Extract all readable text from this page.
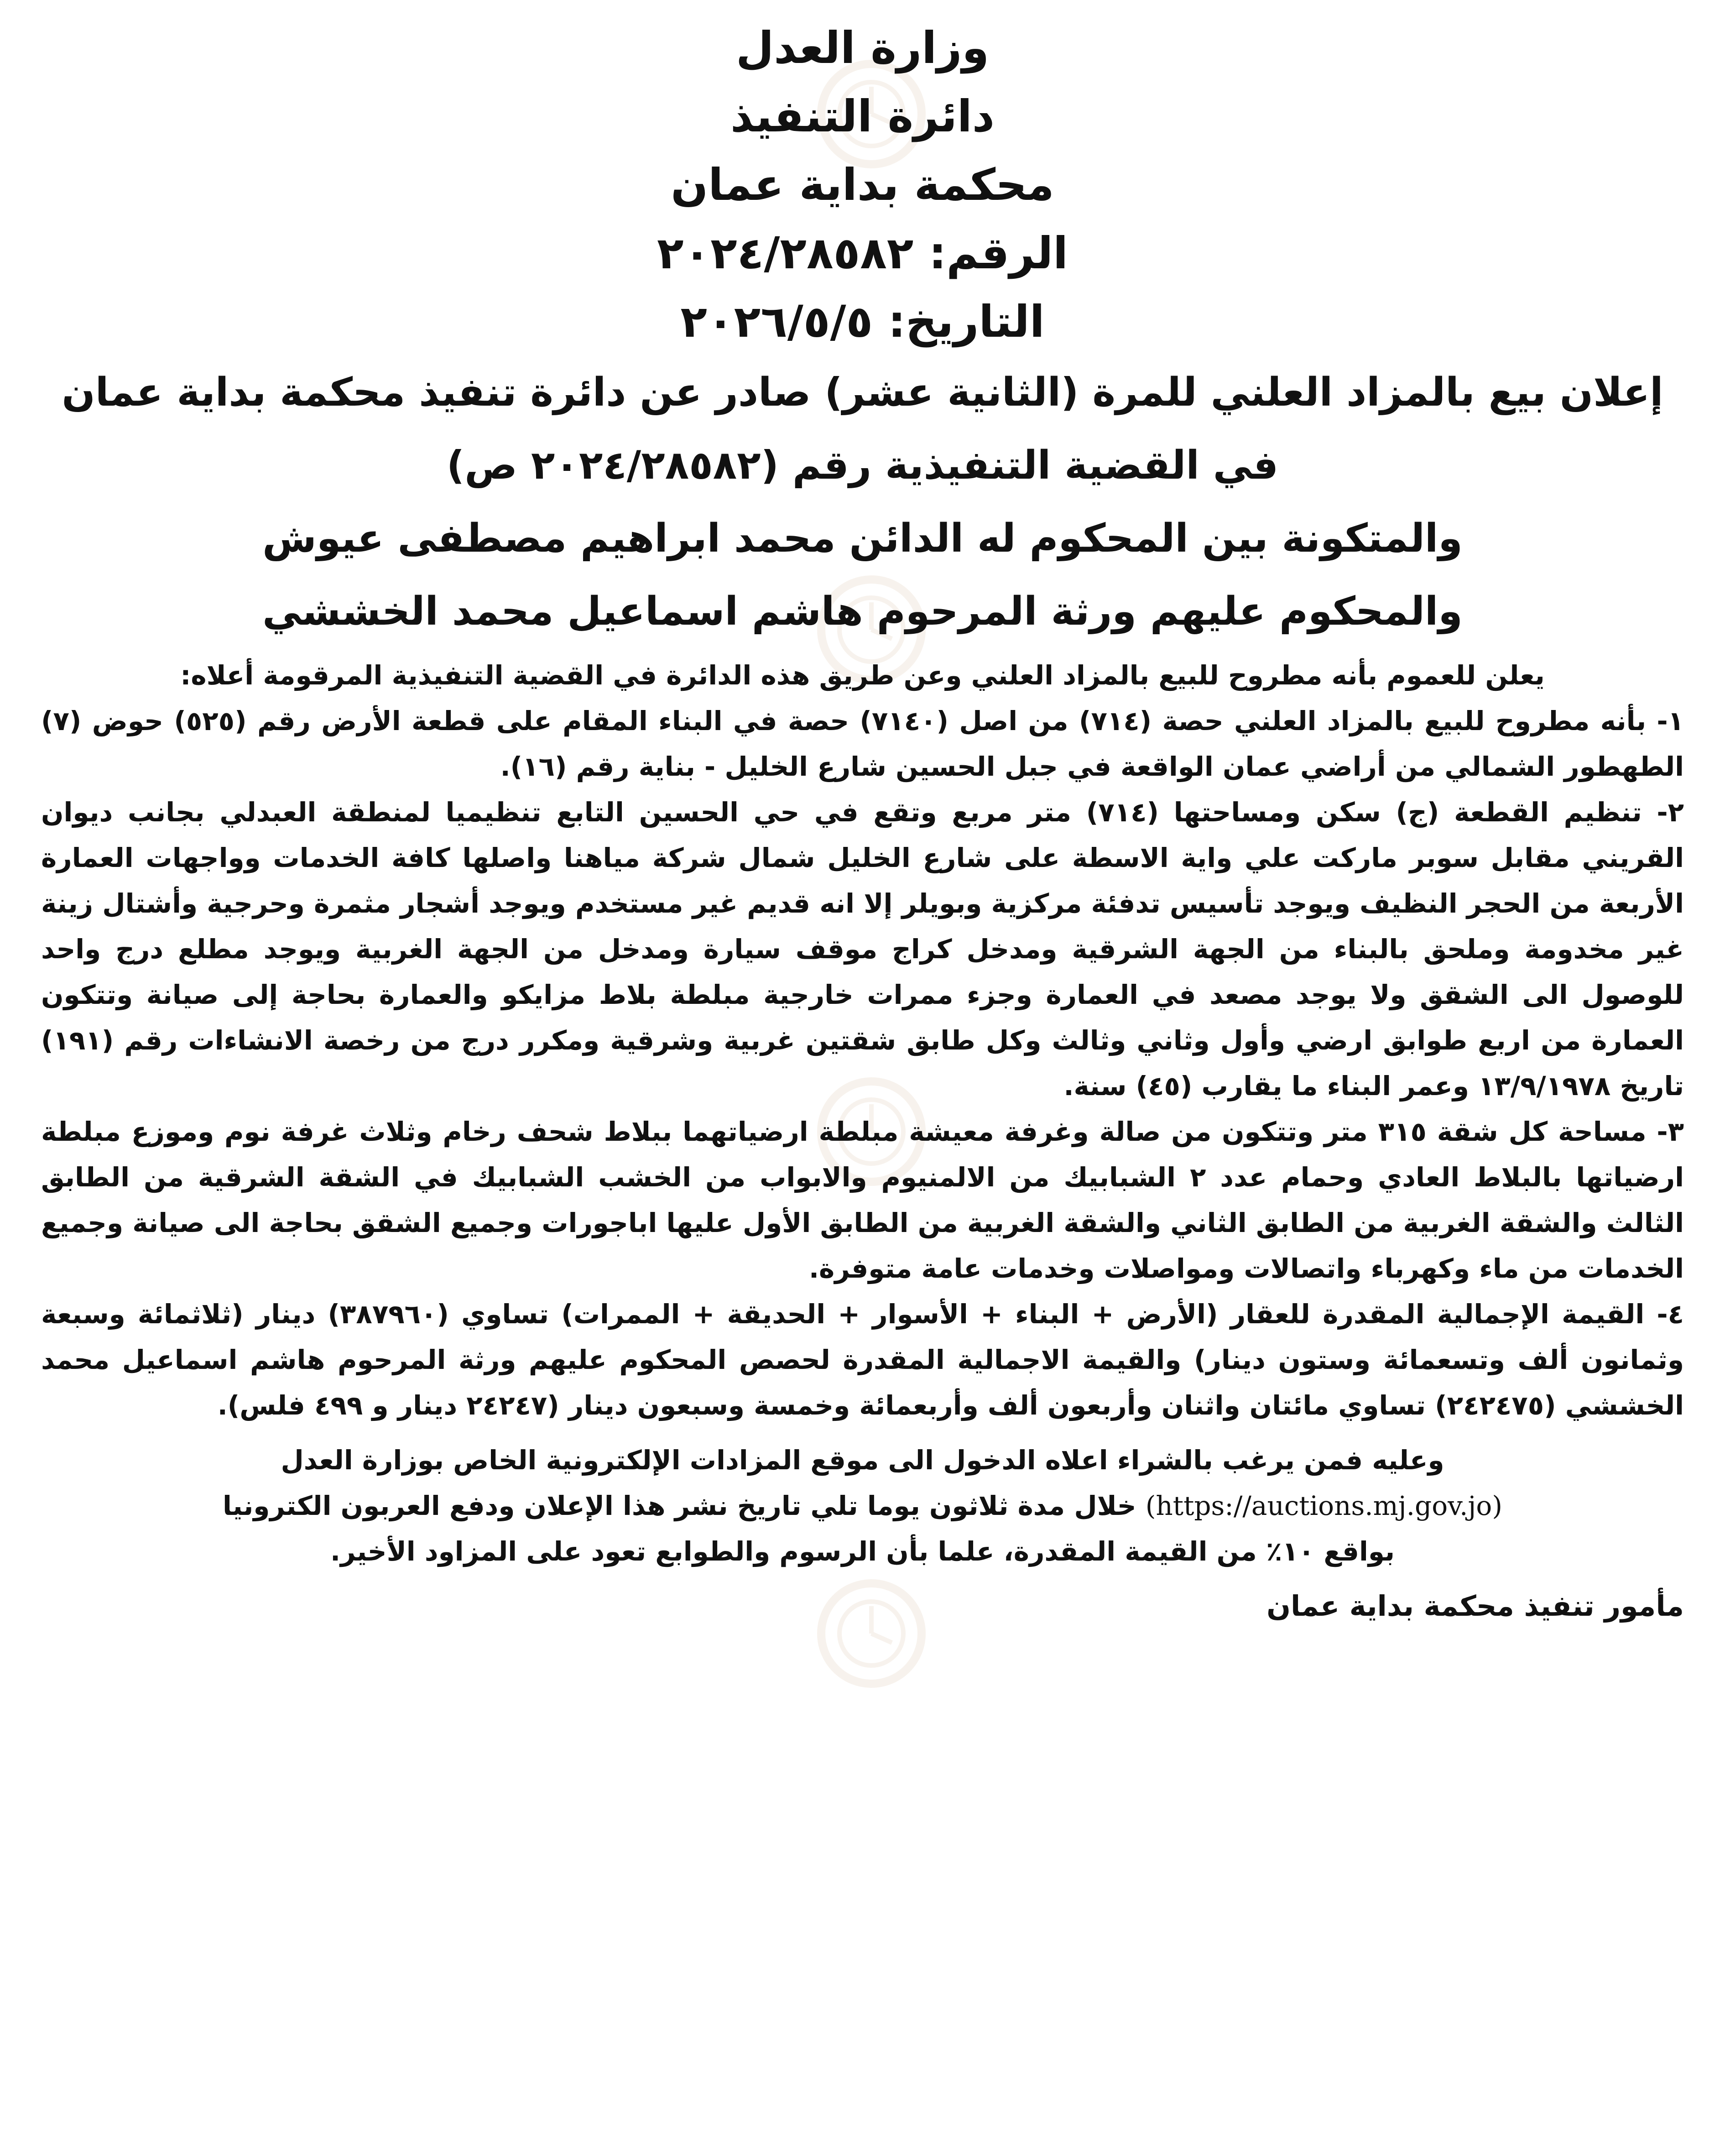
وزارة العدل

دائرة التنفيذ

محكمة بداية عمان

الرقم: ٢٠٢٤/٢٨٥٨٢

التاريخ: ٢٠٢٦/٥/٥

إعلان بيع بالمزاد العلني للمرة (الثانية عشر) صادر عن دائرة تنفيذ محكمة بداية عمان

في القضية التنفيذية رقم (٢٠٢٤/٢٨٥٨٢ ص)

والمتكونة بين المحكوم له الدائن محمد ابراهيم مصطفى عيوش

والمحكوم عليهم ورثة المرحوم هاشم اسماعيل محمد الخششي

يعلن للعموم بأنه مطروح للبيع بالمزاد العلني وعن طريق هذه الدائرة في القضية التنفيذية المرقومة أعلاه:

١- بأنه مطروح للبيع بالمزاد العلني حصة (٧١٤) من اصل (٧١٤٠) حصة في البناء المقام على قطعة الأرض رقم (٥٢٥) حوض (٧) الطهطور الشمالي من أراضي عمان الواقعة في جبل الحسين شارع الخليل - بناية رقم (١٦).

٢- تنظيم القطعة (ج) سكن ومساحتها (٧١٤) متر مربع وتقع في حي الحسين التابع تنظيميا لمنطقة العبدلي بجانب ديوان القريني مقابل سوبر ماركت علي واية الاسطة على شارع الخليل شمال شركة مياهنا واصلها كافة الخدمات وواجهات العمارة الأربعة من الحجر النظيف ويوجد تأسيس تدفئة مركزية وبويلر إلا انه قديم غير مستخدم ويوجد أشجار مثمرة وحرجية وأشتال زينة غير مخدومة وملحق بالبناء من الجهة الشرقية ومدخل كراج موقف سيارة ومدخل من الجهة الغربية ويوجد مطلع درج واحد للوصول الى الشقق ولا يوجد مصعد في العمارة وجزء ممرات خارجية مبلطة بلاط مزايكو والعمارة بحاجة إلى صيانة وتتكون العمارة من اربع طوابق ارضي وأول وثاني وثالث وكل طابق شقتين غربية وشرقية ومكرر درج من رخصة الانشاءات رقم (١٩١) تاريخ ١٣/٩/١٩٧٨ وعمر البناء ما يقارب (٤٥) سنة.

٣- مساحة كل شقة ٣١٥ متر وتتكون من صالة وغرفة معيشة مبلطة ارضياتهما ببلاط شحف رخام وثلاث غرفة نوم وموزع مبلطة ارضياتها بالبلاط العادي وحمام عدد ٢ الشبابيك من الالمنيوم والابواب من الخشب الشبابيك في الشقة الشرقية من الطابق الثالث والشقة الغربية من الطابق الثاني والشقة الغربية من الطابق الأول عليها اباجورات وجميع الشقق بحاجة الى صيانة وجميع الخدمات من ماء وكهرباء واتصالات ومواصلات وخدمات عامة متوفرة.

٤- القيمة الإجمالية المقدرة للعقار (الأرض + البناء + الأسوار + الحديقة + الممرات) تساوي (٣٨٧٩٦٠) دينار (ثلاثمائة وسبعة وثمانون ألف وتسعمائة وستون دينار) والقيمة الاجمالية المقدرة لحصص المحكوم عليهم ورثة المرحوم هاشم اسماعيل محمد الخششي (٢٤٢٤٧٥) تساوي مائتان واثنان وأربعون ألف وأربعمائة وخمسة وسبعون دينار (٢٤٢٤٧ دينار و ٤٩٩ فلس).

وعليه فمن يرغب بالشراء اعلاه الدخول الى موقع المزادات الإلكترونية الخاص بوزارة العدل
(https://auctions.mj.gov.jo) خلال مدة ثلاثون يوما تلي تاريخ نشر هذا الإعلان ودفع العربون الكترونيا
بواقع ١٠٪ من القيمة المقدرة، علما بأن الرسوم والطوابع تعود على المزاود الأخير.

مأمور تنفيذ محكمة بداية عمان
